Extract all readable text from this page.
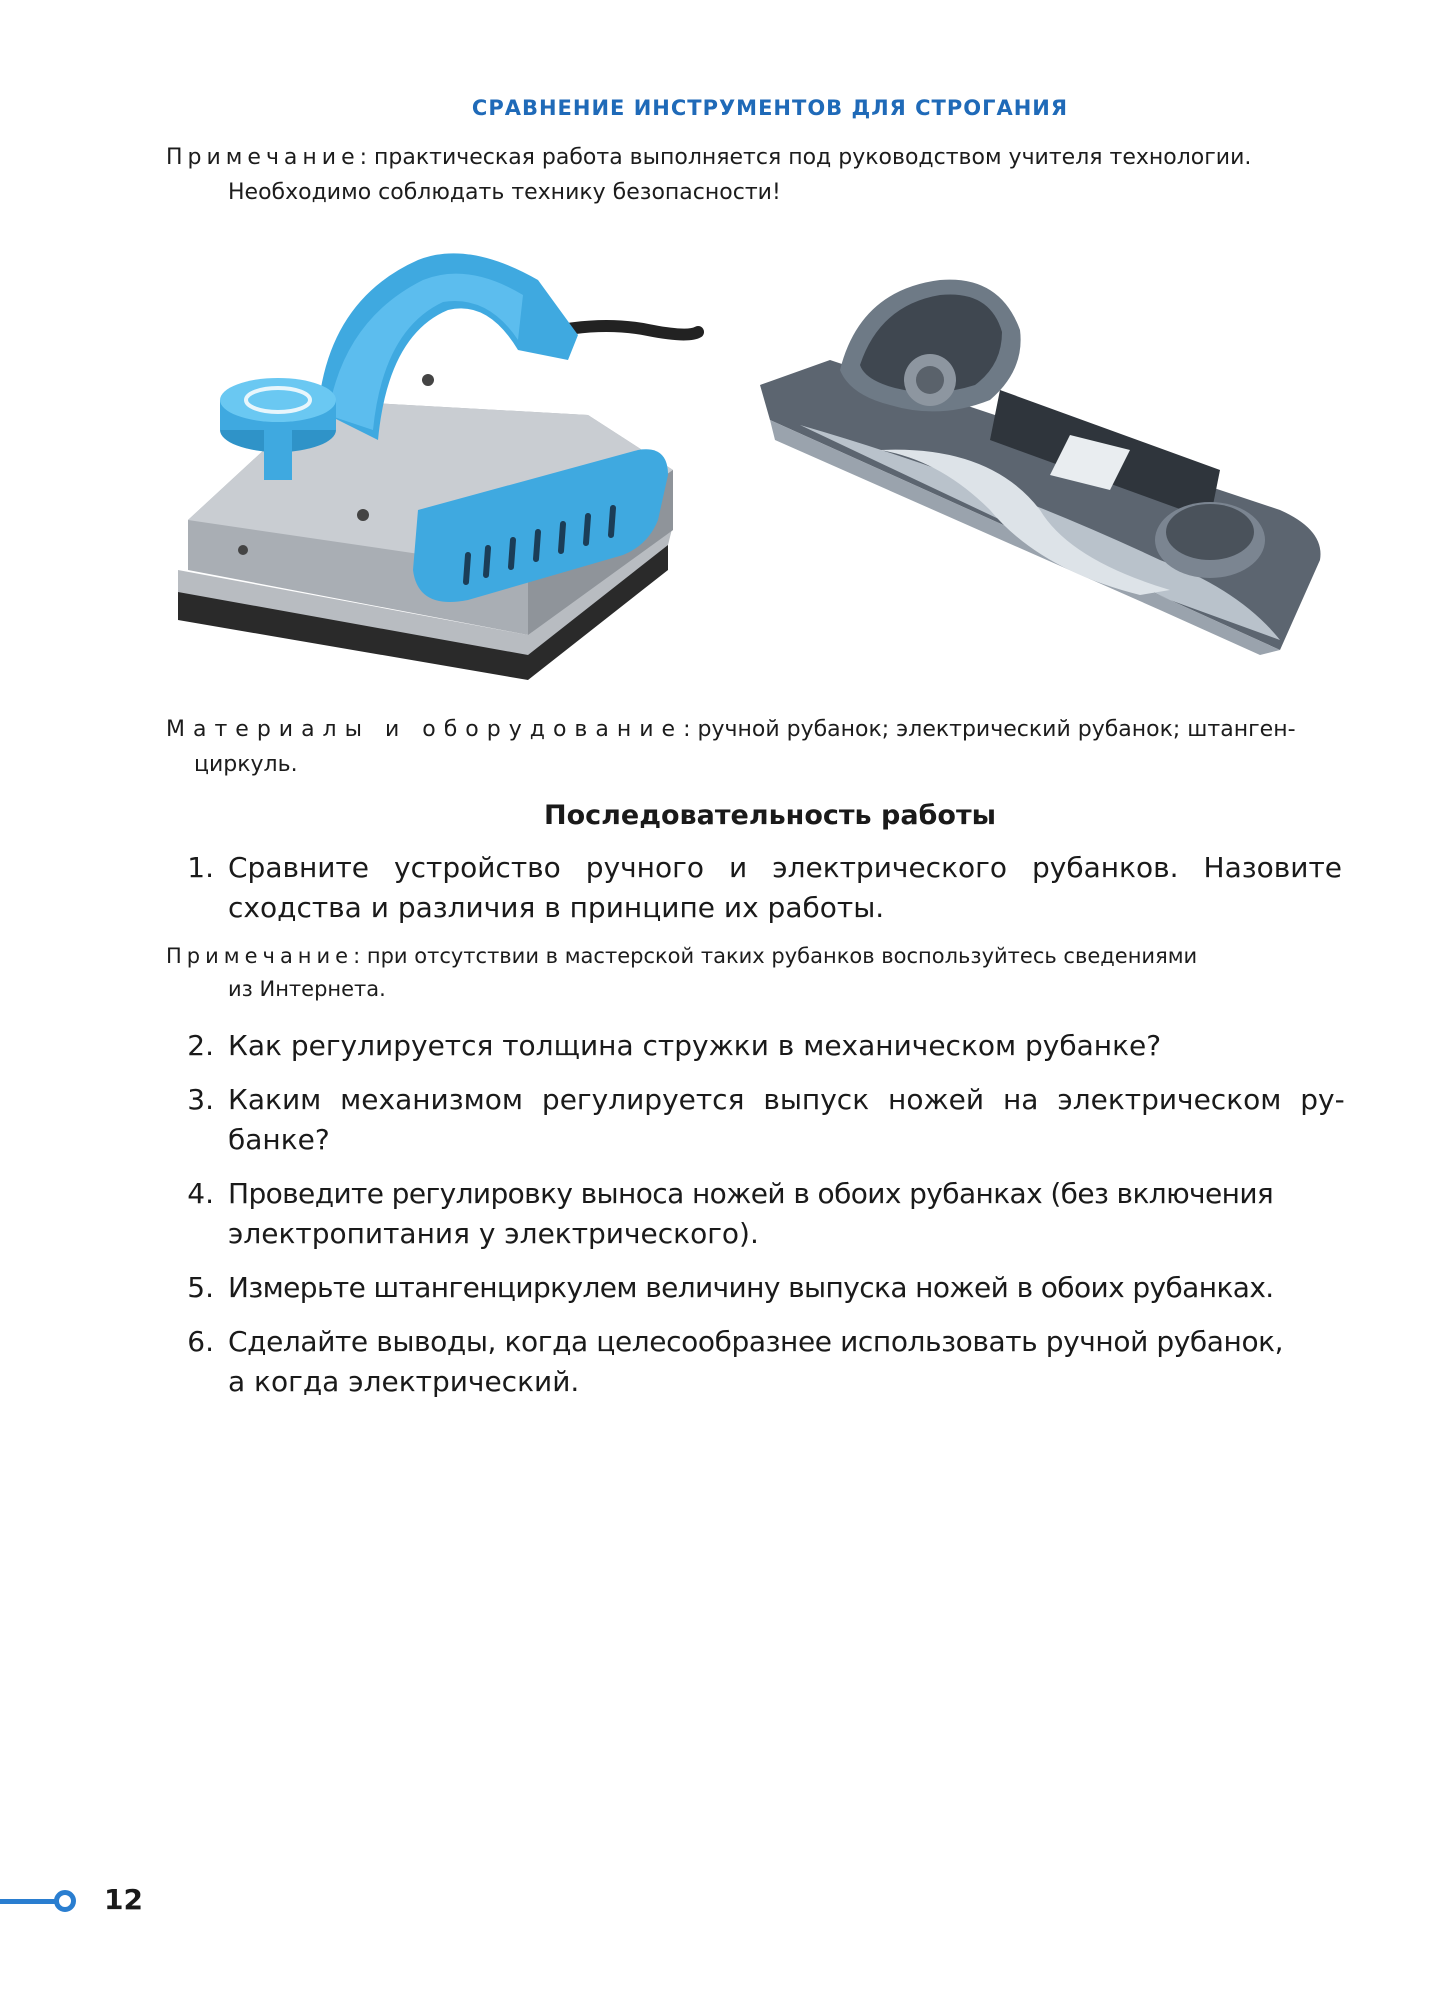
СРАВНЕНИЕ ИНСТРУМЕНТОВ ДЛЯ СТРОГАНИЯ
Примечание: практическая работа выполняется под руководством учителя технологии.
Необходимо соблюдать технику безопасности!
Материалы и оборудование: ручной рубанок; электрический рубанок; штанген-
циркуль.
Последовательность работы
1. Сравните устройство ручного и электрического рубанков. Назовите
сходства и различия в принципе их работы.
Примечание: при отсутствии в мастерской таких рубанков воспользуйтесь сведениями
из Интернета.
2. Как регулируется толщина стружки в механическом рубанке?
3. Каким механизмом регулируется выпуск ножей на электрическом ру-
банке?
4. Проведите регулировку выноса ножей в обоих рубанках (без включения
электропитания у электрического).
5. Измерьте штангенциркулем величину выпуска ножей в обоих рубанках.
6. Сделайте выводы, когда целесообразнее использовать ручной рубанок,
а когда электрический.
12
